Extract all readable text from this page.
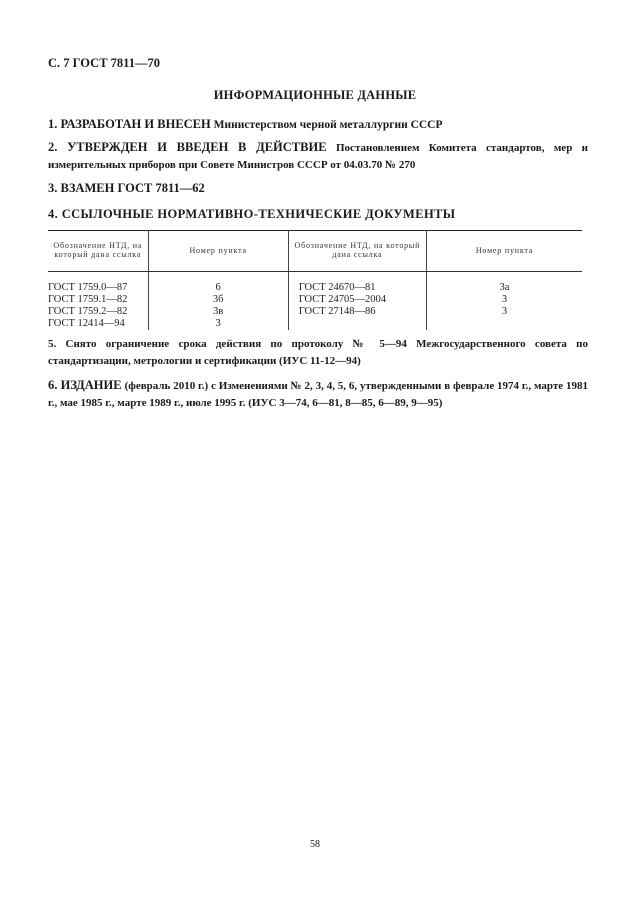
С. 7 ГОСТ 7811—70
ИНФОРМАЦИОННЫЕ ДАННЫЕ
1. РАЗРАБОТАН И ВНЕСЕН Министерством черной металлургии СССР
2. УТВЕРЖДЕН И ВВЕДЕН В ДЕЙСТВИЕ Постановлением Комитета стандартов, мер и измерительных приборов при Совете Министров СССР от 04.03.70 № 270
3. ВЗАМЕН ГОСТ 7811—62
4. ССЫЛОЧНЫЕ НОРМАТИВНО-ТЕХНИЧЕСКИЕ ДОКУМЕНТЫ
Обозначение НТД, на который дана ссылка	Номер пункта	Обозначение НТД, на который дана ссылка	Номер пункта
ГОСТ 1759.0—87	6	ГОСТ 24670—81	3а
ГОСТ 1759.1—82	3б	ГОСТ 24705—2004	3
ГОСТ 1759.2—82	3в	ГОСТ 27148—86	3
ГОСТ 12414—94	3		
5. Снято ограничение срока действия по протоколу № 5—94 Межгосударственного совета по стандартизации, метрологии и сертификации (ИУС 11-12—94)
6. ИЗДАНИЕ (февраль 2010 г.) с Изменениями № 2, 3, 4, 5, 6, утвержденными в феврале 1974 г., марте 1981 г., мае 1985 г., марте 1989 г., июле 1995 г. (ИУС 3—74, 6—81, 8—85, 6—89, 9—95)
58
